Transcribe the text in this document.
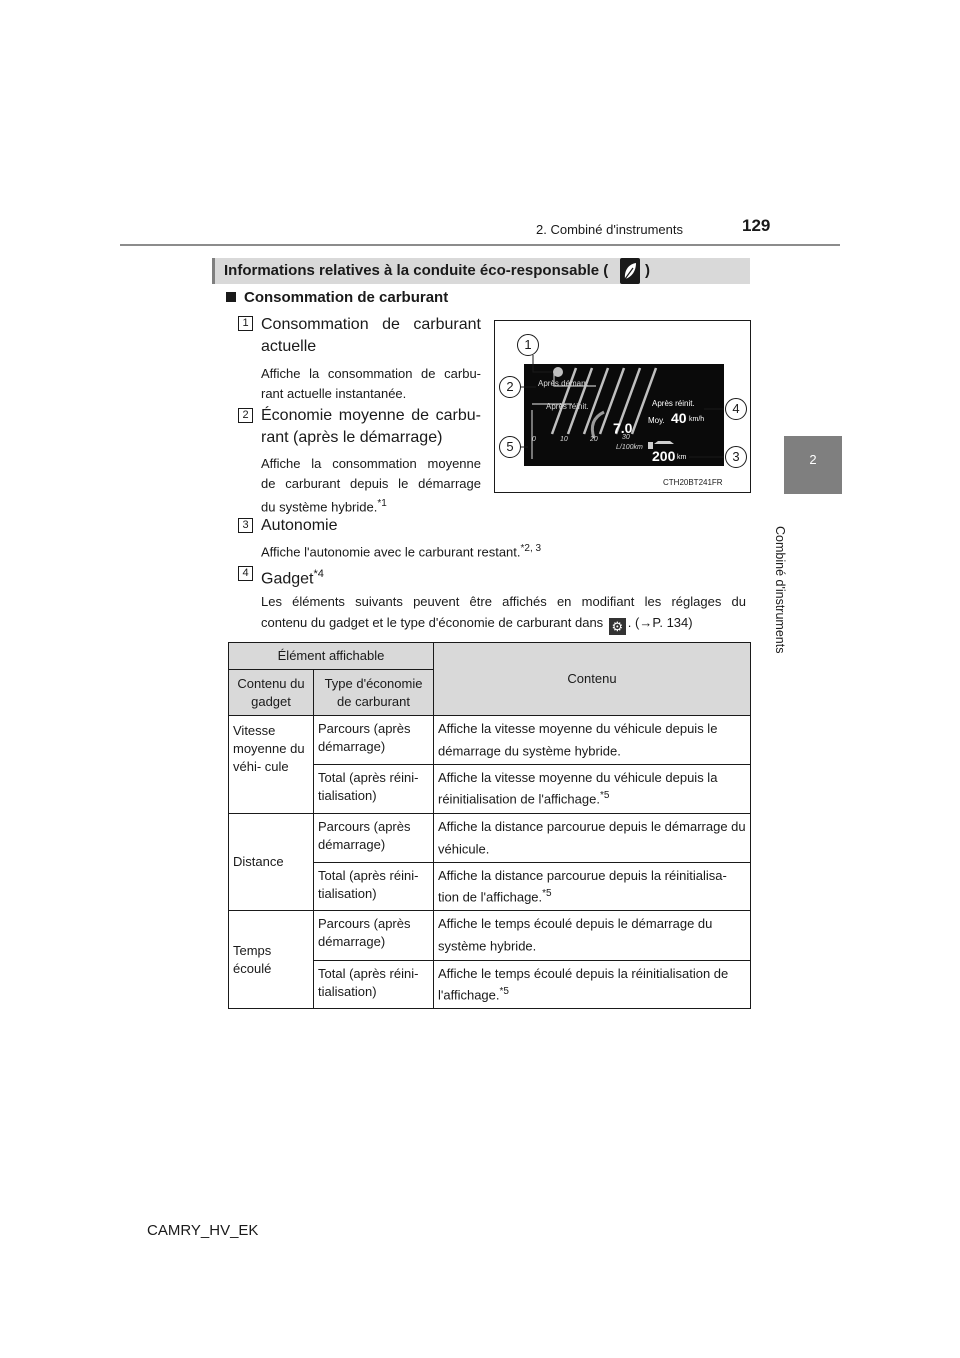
2. Combiné d'instruments	129
2
Combiné d'instruments
Informations relatives à la conduite éco-responsable ( )
Consommation de carburant
1 Consommation de carburant
actuelle
Affiche la consommation de carbu-
rant actuelle instantanée.
2 Économie moyenne de carbu-
rant (après le démarrage)
Affiche la consommation moyenne
de carburant depuis le démarrage
du système hybride.$^{*1}$
3 Autonomie
Affiche l'autonomie avec le carburant restant.$^{*2, 3}$
4 Gadget$^{*4}$
Les éléments suivants peuvent être affichés en modifiant les réglages du
contenu du gadget et le type d'économie de carburant dans ⚙ . (→P. 134)
Après démarr.
Après réinit.	Après réinit.
Moy. 40 km/h
7.0
0	10	20	30
L/100km
200 km
1
2
3
4
5
CTH20BT241FR
Élément affichable		Contenu
Contenu du gadget	Type d'économie de carburant	
Vitesse moyenne du véhi- cule	Parcours (après démarrage)	Affiche la vitesse moyenne du véhicule depuis le démarrage du système hybride.
	Total (après réini- tialisation)	Affiche la vitesse moyenne du véhicule depuis la réinitialisation de l'affichage.$^{*5}$
Distance	Parcours (après démarrage)	Affiche la distance parcourue depuis le démarrage du véhicule.
	Total (après réini- tialisation)	Affiche la distance parcourue depuis la réinitialisa- tion de l'affichage.$^{*5}$
Temps écoulé	Parcours (après démarrage)	Affiche le temps écoulé depuis le démarrage du système hybride.
	Total (après réini- tialisation)	Affiche le temps écoulé depuis la réinitialisation de l'affichage.$^{*5}$
CAMRY_HV_EK
